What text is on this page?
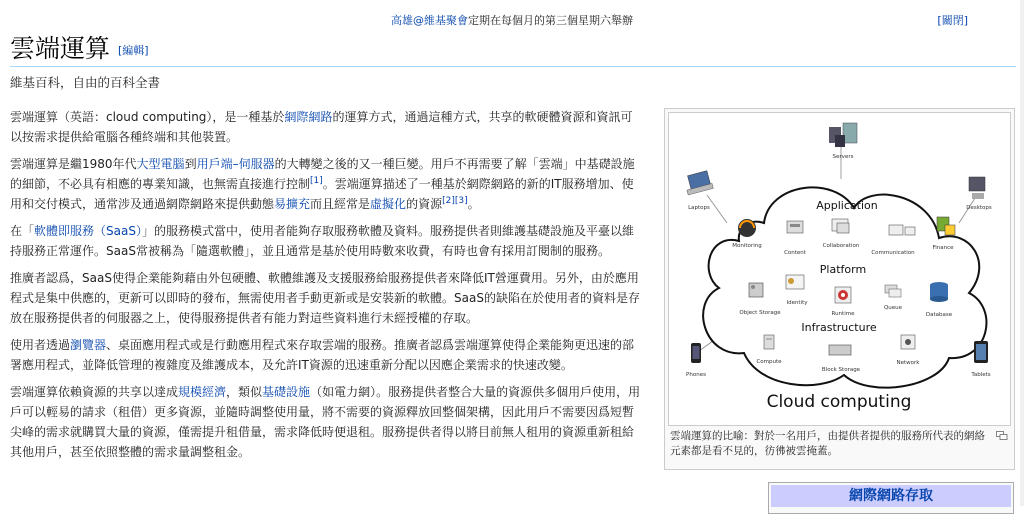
高雄@維基聚會定期在每個月的第三個星期六舉辦	[關閉]
雲端運算 [編輯]
維基百科，自由的百科全書

雲端運算（英語：cloud computing），是一種基於網際網路的運算方式，通過這種方式，共享的軟硬體資源和資訊可以按需求提供給電腦各種終端和其他裝置。

雲端運算是繼1980年代大型電腦到用戶端–伺服器的大轉變之後的又一種巨變。用戶不再需要了解「雲端」中基礎設施的細節，不必具有相應的專業知識，也無需直接進行控制[1]。雲端運算描述了一種基於網際網路的新的IT服務增加、使用和交付模式，通常涉及通過網際網路來提供動態易擴充而且經常是虛擬化的資源[2][3]。

在「軟體即服務（SaaS）」的服務模式當中，使用者能夠存取服務軟體及資料。服務提供者則維護基礎設施及平臺以維持服務正常運作。SaaS常被稱為「隨選軟體」，並且通常是基於使用時數來收費，有時也會有採用訂閱制的服務。

推廣者認爲，SaaS使得企業能夠藉由外包硬體、軟體維護及支援服務給服務提供者來降低IT營運費用。另外，由於應用程式是集中供應的，更新可以即時的發布，無需使用者手動更新或是安裝新的軟體。SaaS的缺陷在於使用者的資料是存放在服務提供者的伺服器之上，使得服務提供者有能力對這些資料進行未經授權的存取。

使用者透過瀏覽器、桌面應用程式或是行動應用程式來存取雲端的服務。推廣者認爲雲端運算使得企業能夠更迅速的部署應用程式，並降低管理的複雜度及維護成本，及允許IT資源的迅速重新分配以因應企業需求的快速改變。

雲端運算依賴資源的共享以達成規模經濟，類似基礎設施（如電力網）。服務提供者整合大量的資源供多個用戶使用，用戶可以輕易的請求（租借）更多資源，並隨時調整使用量，將不需要的資源釋放回整個架構，因此用戶不需要因爲短暫尖峰的需求就購買大量的資源，僅需提升租借量，需求降低時便退租。服務提供者得以將目前無人租用的資源重新租給其他用戶，甚至依照整體的需求量調整租金。

Servers
Laptops	Desktops
Application
Monitoring
Content
Collaboration
Communication
Finance
Platform
Object Storage
Identity
Runtime
Queue
Database
Infrastructure
Compute
Block Storage
Network
Phones	Tablets
Cloud computing
雲端運算的比喻：對於一名用戶，由提供者提供的服務所代表的網絡元素都是看不見的，彷彿被雲掩蓋。
網際網路存取
